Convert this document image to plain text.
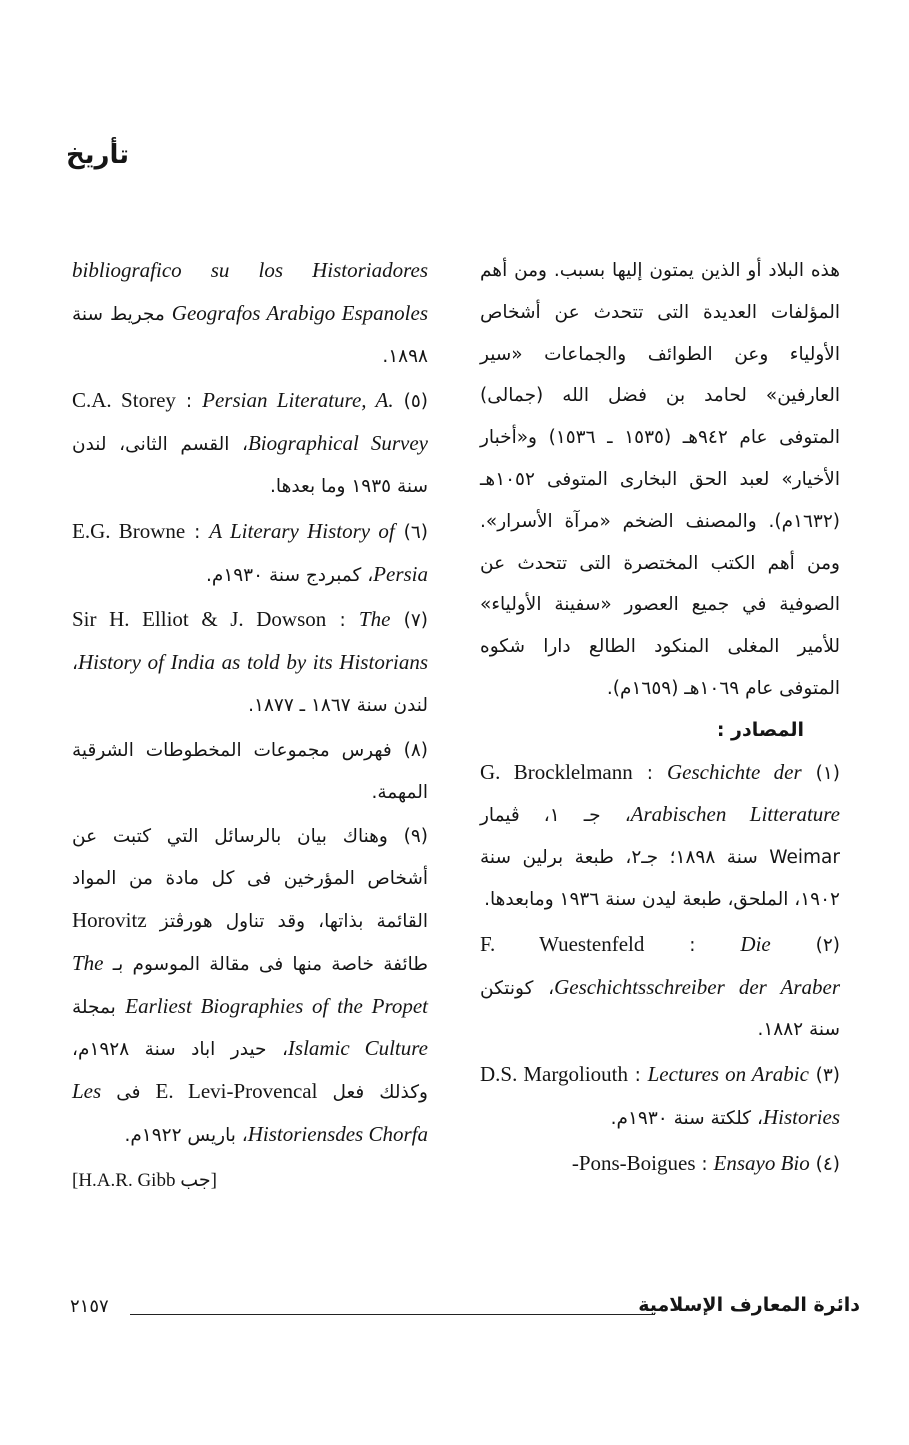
تأريخ

هذه البلاد أو الذين يمتون إليها بسبب. ومن أهم المؤلفات العديدة التى تتحدث عن أشخاص الأولياء وعن الطوائف والجماعات «سير العارفين» لحامد بن فضل الله (جمالى) المتوفى عام ٩٤٢هـ (١٥٣٥ ـ ١٥٣٦) و«أخبار الأخيار» لعبد الحق البخارى المتوفى ١٠٥٢هـ (١٦٣٢م). والمصنف الضخم «مرآة الأسرار». ومن أهم الكتب المختصرة التى تتحدث عن الصوفية في جميع العصور «سفينة الأولياء» للأمير المغلى المنكود الطالع دارا شكوه المتوفى عام ١٠٦٩هـ (١٦٥٩م).

المصادر :

(١) G. Brocklelmann : Geschichte der Arabischen Litterature، جـ ١، ڤيمار Weimar سنة ١٨٩٨؛ جـ٢، طبعة برلين سنة ١٩٠٢، الملحق، طبعة ليدن سنة ١٩٣٦ ومابعدها.

(٢) F. Wuestenfeld : Die Geschichtsschreiber der Araber، كونتكن سنة ١٨٨٢.

(٣) D.S. Margoliouth : Lectures on Arabic Histories، كلكتة سنة ١٩٣٠م.

(٤) Pons-Boigues : Ensayo Bio-

bibliografico su los Historiadores Geografos Arabigo Espanoles مجريط سنة ١٨٩٨.

(٥) C.A. Storey : Persian Literature, A. Biographical Survey، القسم الثانى، لندن سنة ١٩٣٥ وما بعدها.

(٦) E.G. Browne : A Literary History of Persia، كمبردج سنة ١٩٣٠م.

(٧) Sir H. Elliot & J. Dowson : The History of India as told by its Historians، لندن سنة ١٨٦٧ ـ ١٨٧٧.

(٨) فهرس مجموعات المخطوطات الشرقية المهمة.

(٩) وهناك بيان بالرسائل التي كتبت عن أشخاص المؤرخين فى كل مادة من المواد القائمة بذاتها، وقد تناول هورڤتز Horovitz طائفة خاصة منها فى مقالة الموسوم بـ The Earliest Biographies of the Propet بمجلة Islamic Culture، حيدر اباد سنة ١٩٢٨م، وكذلك فعل E. Levi-Provencal فى Les Historiensdes Chorfa، باريس ١٩٢٢م.

[H.A.R. Gibb جب]
دائرة المعارف الإسلامية
٢١٥٧
